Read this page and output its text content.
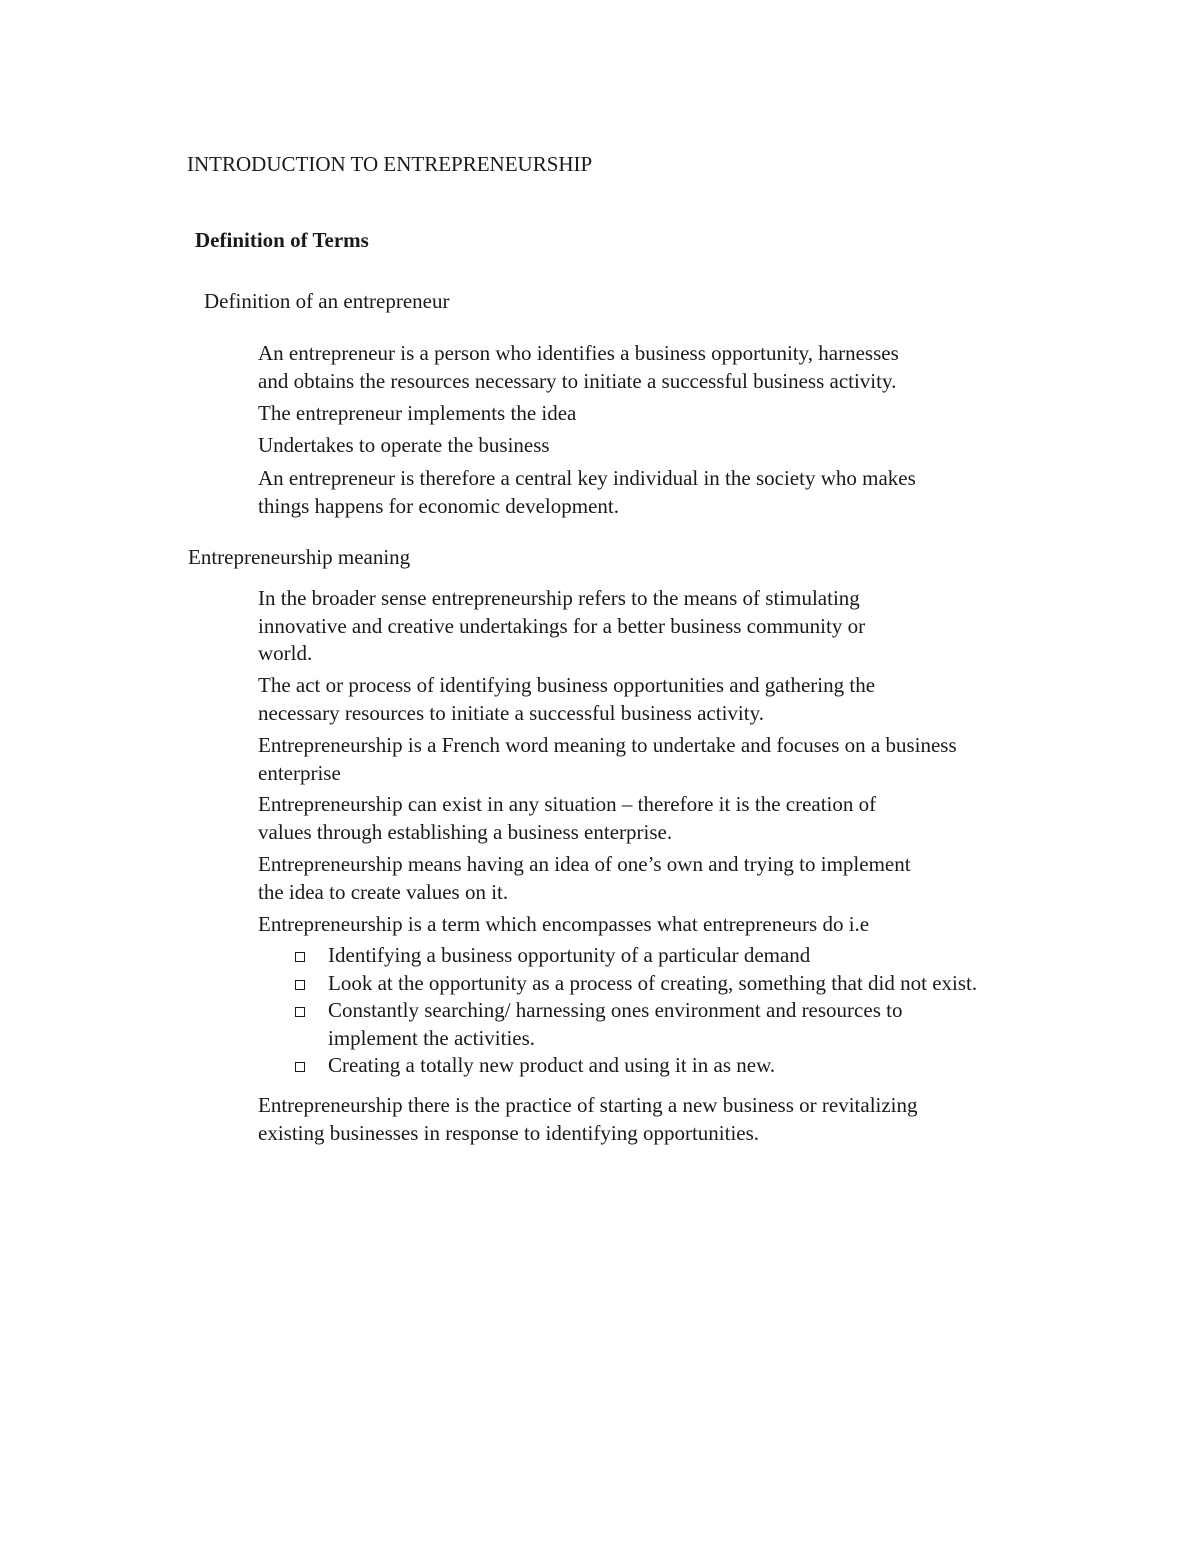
INTRODUCTION TO ENTREPRENEURSHIP
Definition of Terms
Definition of an entrepreneur
An entrepreneur is a person who identifies a business opportunity, harnesses
and obtains the resources necessary to initiate a successful business activity.
The entrepreneur implements the idea
Undertakes to operate the business
An entrepreneur is therefore a central key individual in the society who makes
things happens for economic development.
Entrepreneurship meaning
In the broader sense entrepreneurship refers to the means of stimulating
innovative and creative undertakings for a better business community or
world.
The act or process of identifying business opportunities and gathering the
necessary resources to initiate a successful business activity.
Entrepreneurship is a French word meaning to undertake and focuses on a business
enterprise
Entrepreneurship can exist in any situation – therefore it is the creation of
values through establishing a business enterprise.
Entrepreneurship means having an idea of one’s own and trying to implement
the idea to create values on it.
Entrepreneurship is a term which encompasses what entrepreneurs do i.e
Identifying a business opportunity of a particular demand
Look at the opportunity as a process of creating, something that did not exist.
Constantly searching/ harnessing ones environment and resources to
implement the activities.
Creating a totally new product and using it in as new.
Entrepreneurship there is the practice of starting a new business or revitalizing
existing businesses in response to identifying opportunities.
